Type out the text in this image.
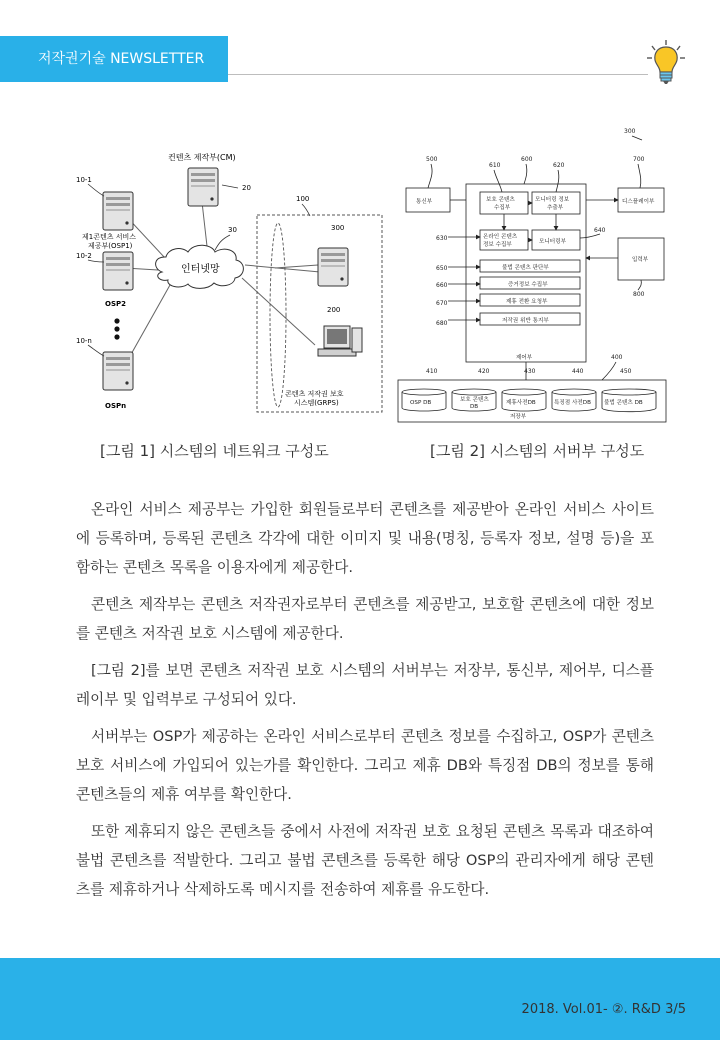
저작권기술 NEWSLETTER
컨텐츠 제작부(CM)
20
인터넷망
30
10-1
제1콘텐츠 서비스
제공부(OSP1)
10-2
OSP2
10-n
OSPn
100
300
200
콘텐츠 저작권 보호
시스템(GRPS)
[그림 1] 시스템의 네트워크 구성도
300
500
610
600
620
700
630
640
650
660
670
680
800
400
410	420	430	440	450
통신부	보호 콘텐츠
수집부
모니터링 정보
추출부
디스플레이부
온라인 콘텐츠
정보 수집부	모니터링부
입력부
불법 콘텐츠 판단부
증거정보 수집부
제휴 전환 요청부
저작권 위반 통지부
제어부
OSP DB	보호 콘텐츠
DB
제휴사전DB	특징점 사전DB 불법 콘텐츠 DB
저장부
[그림 2] 시스템의 서버부 구성도

온라인 서비스 제공부는 가입한 회원들로부터 콘텐츠를 제공받아 온라인 서비스 사이트에 등록하며, 등록된 콘텐츠 각각에 대한 이미지 및 내용(명칭, 등록자 정보, 설명 등)을 포함하는 콘텐츠 목록을 이용자에게 제공한다.

콘텐츠 제작부는 콘텐츠 저작권자로부터 콘텐츠를 제공받고, 보호할 콘텐츠에 대한 정보를 콘텐츠 저작권 보호 시스템에 제공한다.

[그림 2]를 보면 콘텐츠 저작권 보호 시스템의 서버부는 저장부, 통신부, 제어부, 디스플레이부 및 입력부로 구성되어 있다.

서버부는 OSP가 제공하는 온라인 서비스로부터 콘텐츠 정보를 수집하고, OSP가 콘텐츠 보호 서비스에 가입되어 있는가를 확인한다. 그리고 제휴 DB와 특징점 DB의 정보를 통해 콘텐츠들의 제휴 여부를 확인한다.

또한 제휴되지 않은 콘텐츠들 중에서 사전에 저작권 보호 요청된 콘텐츠 목록과 대조하여 불법 콘텐츠를 적발한다. 그리고 불법 콘텐츠를 등록한 해당 OSP의 관리자에게 해당 콘텐츠를 제휴하거나 삭제하도록 메시지를 전송하여 제휴를 유도한다.

2018. Vol.01- ②. R&D 3/5
